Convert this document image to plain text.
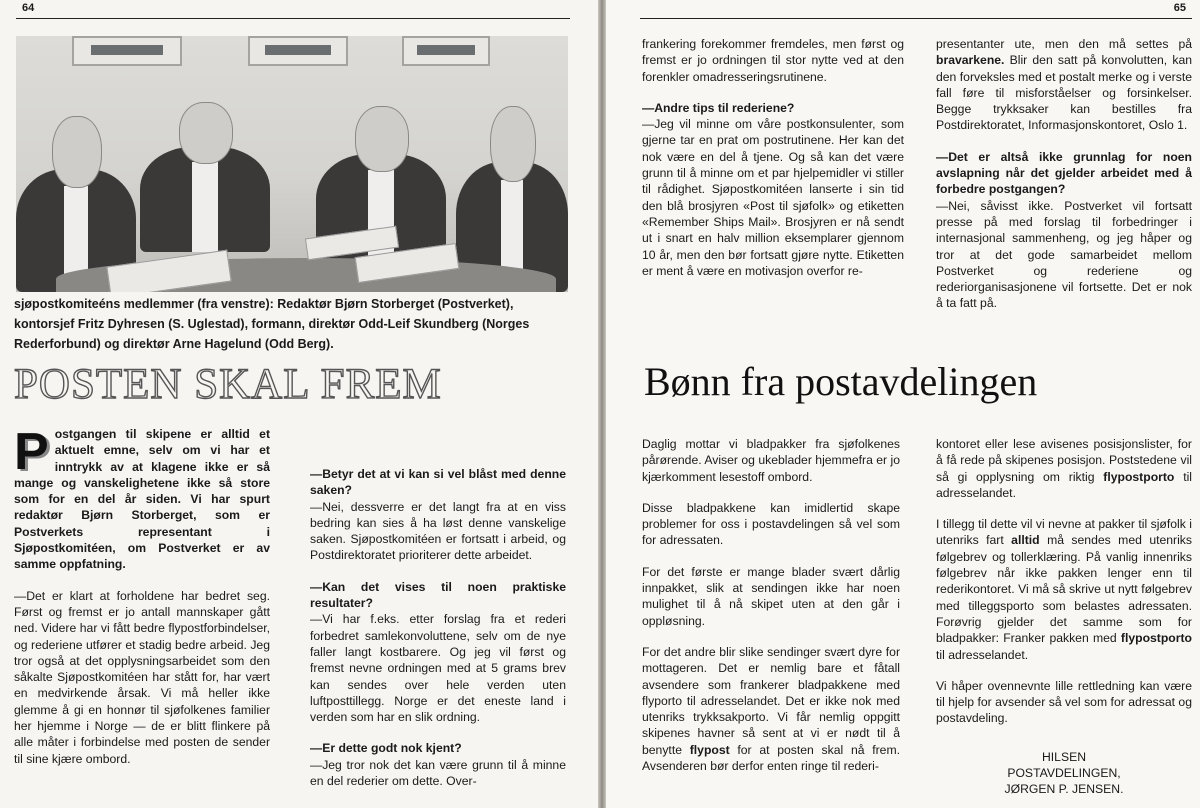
64
sjøpostkomiteéns medlemmer (fra venstre): Redaktør Bjørn Storberget (Postverket), kontorsjef Fritz Dyhresen (S. Uglestad), formann, direktør Odd-Leif Skundberg (Norges Rederforbund) og direktør Arne Hagelund (Odd Berg).
POSTEN SKAL FREM

Postgangen til skipene er alltid et aktuelt emne, selv om vi har et inntrykk av at klagene ikke er så mange og vanskelighetene ikke så store som for en del år siden. Vi har spurt redaktør Bjørn Storberget, som er Postverkets representant i Sjøpostkomitéen, om Postverket er av samme oppfatning.

—Det er klart at forholdene har bedret seg. Først og fremst er jo antall mannskaper gått ned. Videre har vi fått bedre flypostforbindelser, og rederiene utfører et stadig bedre arbeid. Jeg tror også at det opplysningsarbeidet som den såkalte Sjøpostkomitéen har stått for, har vært en medvirkende årsak. Vi må heller ikke glemme å gi en honnør til sjøfolkenes familier her hjemme i Norge — de er blitt flinkere på alle måter i forbindelse med posten de sender til sine kjære ombord.

—Betyr det at vi kan si vel blåst med denne saken?

—Nei, dessverre er det langt fra at en viss bedring kan sies å ha løst denne vanskelige saken. Sjøpostkomitéen er fortsatt i arbeid, og Postdirektoratet prioriterer dette arbeidet.

—Kan det vises til noen praktiske resultater?

—Vi har f.eks. etter forslag fra et rederi forbedret samlekonvoluttene, selv om de nye faller langt kostbarere. Og jeg vil først og fremst nevne ordningen med at 5 grams brev kan sendes over hele verden uten luftposttillegg. Norge er det eneste land i verden som har en slik ordning.

—Er dette godt nok kjent?

—Jeg tror nok det kan være grunn til å minne en del rederier om dette. Over-

65

frankering forekommer fremdeles, men først og fremst er jo ordningen til stor nytte ved at den forenkler omadresseringsrutinene.

—Andre tips til rederiene?

—Jeg vil minne om våre postkonsulenter, som gjerne tar en prat om postrutinene. Her kan det nok være en del å tjene. Og så kan det være grunn til å minne om et par hjelpemidler vi stiller til rådighet. Sjøpostkomitéen lanserte i sin tid den blå brosjyren «Post til sjøfolk» og etiketten «Remember Ships Mail». Brosjyren er nå sendt ut i snart en halv million eksemplarer gjennom 10 år, men den bør fortsatt gjøre nytte. Etiketten er ment å være en motivasjon overfor re-

presentanter ute, men den må settes på bravarkene. Blir den satt på konvolutten, kan den forveksles med et postalt merke og i verste fall føre til misforståelser og forsinkelser. Begge trykksaker kan bestilles fra Postdirektoratet, Informasjonskontoret, Oslo 1.

—Det er altså ikke grunnlag for noen avslapning når det gjelder arbeidet med å forbedre postgangen?

—Nei, såvisst ikke. Postverket vil fortsatt presse på med forslag til forbedringer i internasjonal sammenheng, og jeg håper og tror at det gode samarbeidet mellom Postverket og rederiene og rederiorganisasjonene vil fortsette. Det er nok å ta fatt på.

Bønn fra postavdelingen

Daglig mottar vi bladpakker fra sjøfolkenes pårørende. Aviser og ukeblader hjemmefra er jo kjærkomment lesestoff ombord.

Disse bladpakkene kan imidlertid skape problemer for oss i postavdelingen så vel som for adressaten.

For det første er mange blader svært dårlig innpakket, slik at sendingen ikke har noen mulighet til å nå skipet uten at den går i oppløsning.

For det andre blir slike sendinger svært dyre for mottageren. Det er nemlig bare et fåtall avsendere som frankerer bladpakkene med flyporto til adresselandet. Det er ikke nok med utenriks trykksakporto. Vi får nemlig oppgitt skipenes havner så sent at vi er nødt til å benytte flypost for at posten skal nå frem. Avsenderen bør derfor enten ringe til rederi-

kontoret eller lese avisenes posisjonslister, for å få rede på skipenes posisjon. Poststedene vil så gi opplysning om riktig flypostporto til adresselandet.

I tillegg til dette vil vi nevne at pakker til sjøfolk i utenriks fart alltid må sendes med utenriks følgebrev og tollerklæring. På vanlig innenriks følgebrev når ikke pakken lenger enn til rederikontoret. Vi må så skrive ut nytt følgebrev med tilleggsporto som belastes adressaten. Forøvrig gjelder det samme som for bladpakker: Franker pakken med flypostporto til adresselandet.

Vi håper ovennevnte lille rettledning kan være til hjelp for avsender så vel som for adressat og postavdeling.

HILSEN
POSTAVDELINGEN,
JØRGEN P. JENSEN.
